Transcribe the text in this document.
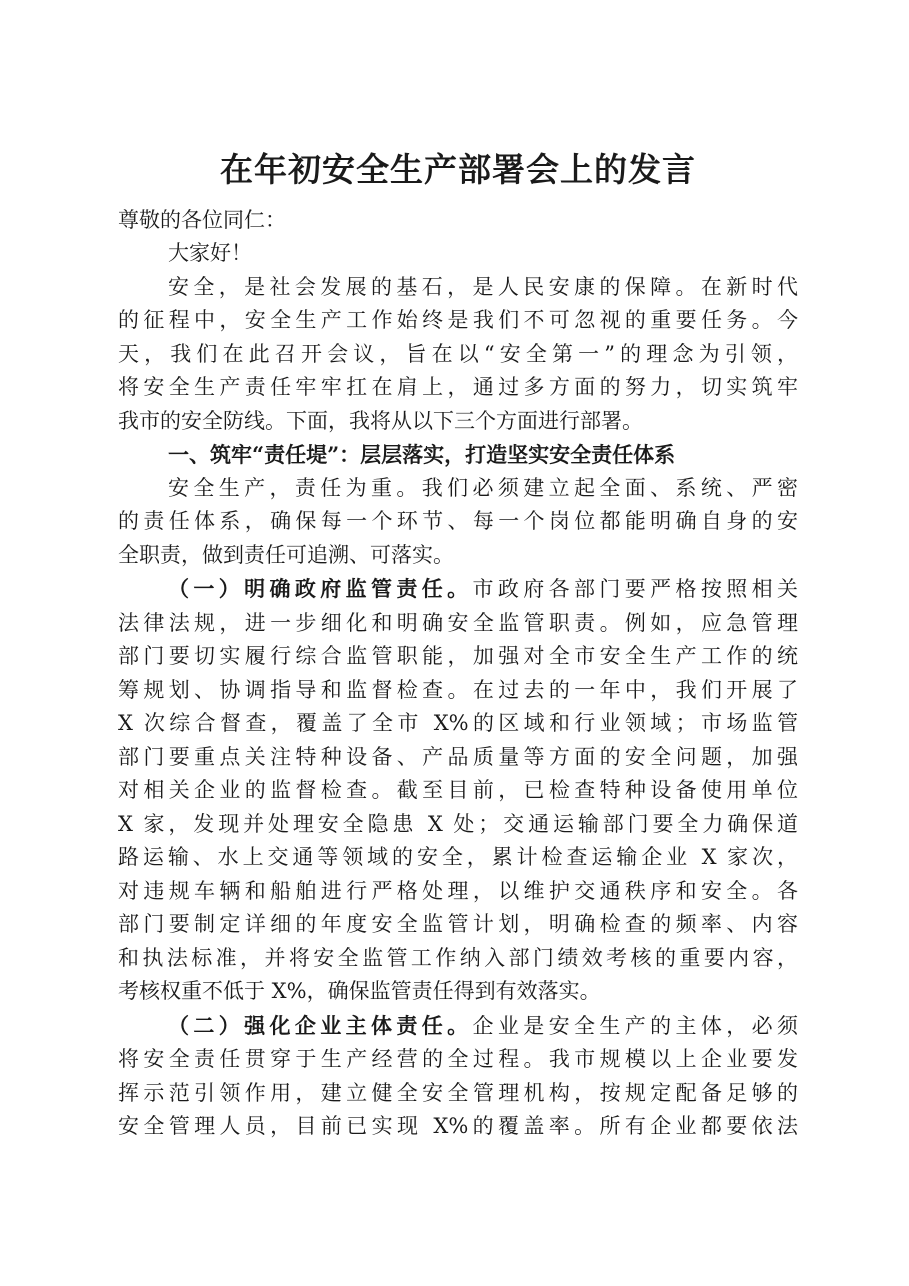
在年初安全生产部署会上的发言

尊敬的各位同仁：

大家好！

安全，是社会发展的基石，是人民安康的保障。在新时代

的征程中，安全生产工作始终是我们不可忽视的重要任务。今

天，我们在此召开会议，旨在以“安全第一”的理念为引领，

将安全生产责任牢牢扛在肩上，通过多方面的努力，切实筑牢

我市的安全防线。下面，我将从以下三个方面进行部署。

一、筑牢“责任堤”：层层落实，打造坚实安全责任体系

安全生产，责任为重。我们必须建立起全面、系统、严密

的责任体系，确保每一个环节、每一个岗位都能明确自身的安

全职责，做到责任可追溯、可落实。

（一）明确政府监管责任。市政府各部门要严格按照相关

法律法规，进一步细化和明确安全监管职责。例如，应急管理

部门要切实履行综合监管职能，加强对全市安全生产工作的统

筹规划、协调指导和监督检查。在过去的一年中，我们开展了

X 次综合督查，覆盖了全市 X%的区域和行业领域；市场监管

部门要重点关注特种设备、产品质量等方面的安全问题，加强

对相关企业的监督检查。截至目前，已检查特种设备使用单位

X 家，发现并处理安全隐患 X 处；交通运输部门要全力确保道

路运输、水上交通等领域的安全，累计检查运输企业 X 家次，

对违规车辆和船舶进行严格处理，以维护交通秩序和安全。各

部门要制定详细的年度安全监管计划，明确检查的频率、内容

和执法标准，并将安全监管工作纳入部门绩效考核的重要内容，

考核权重不低于 X%，确保监管责任得到有效落实。

（二）强化企业主体责任。企业是安全生产的主体，必须

将安全责任贯穿于生产经营的全过程。我市规模以上企业要发

挥示范引领作用，建立健全安全管理机构，按规定配备足够的

安全管理人员，目前已实现 X%的覆盖率。所有企业都要依法
